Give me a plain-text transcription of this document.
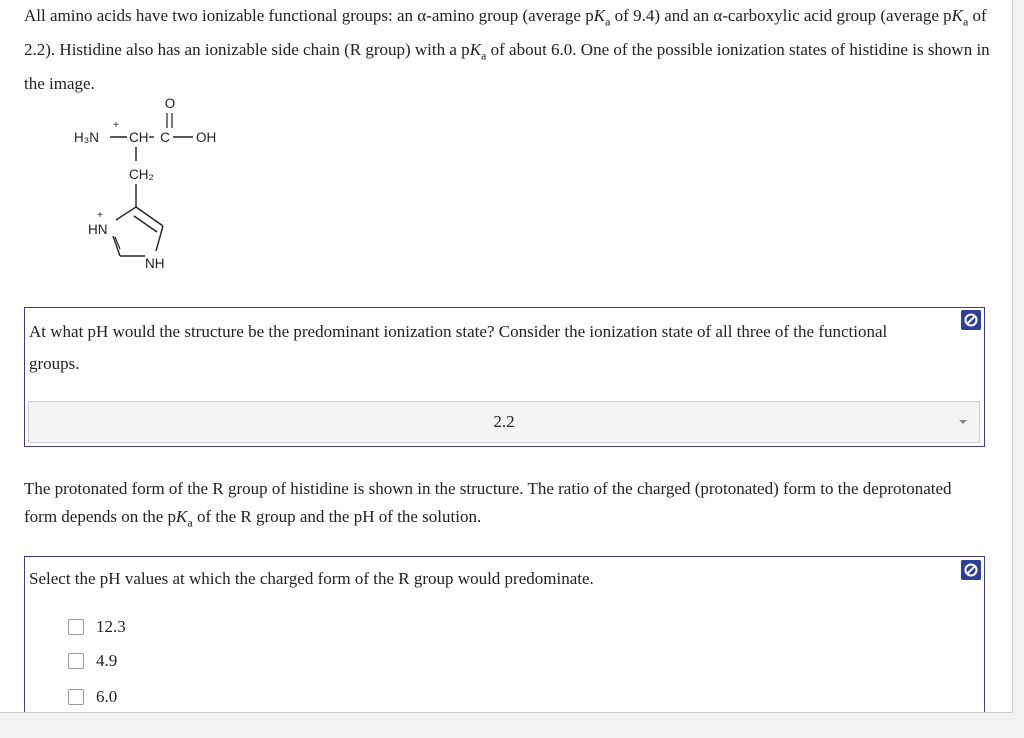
All amino acids have two ionizable functional groups: an α-amino group (average $pK_a$ of 9.4) and an α-carboxylic acid group (average $pK_a$ of 2.2). Histidine also has an ionizable side chain (R group) with a $pK_a$ of about 6.0. One of the possible ionization states of histidine is shown in the image.
+
H₃N CH C OH
O
CH₂
+
HN
NH
At what pH would the structure be the predominant ionization state? Consider the ionization state of all three of the functional groups.
2.2
The protonated form of the R group of histidine is shown in the structure. The ratio of the charged (protonated) form to the deprotonated form depends on the $pK_a$ of the R group and the pH of the solution.
Select the pH values at which the charged form of the R group would predominate.
12.3
4.9
6.0
